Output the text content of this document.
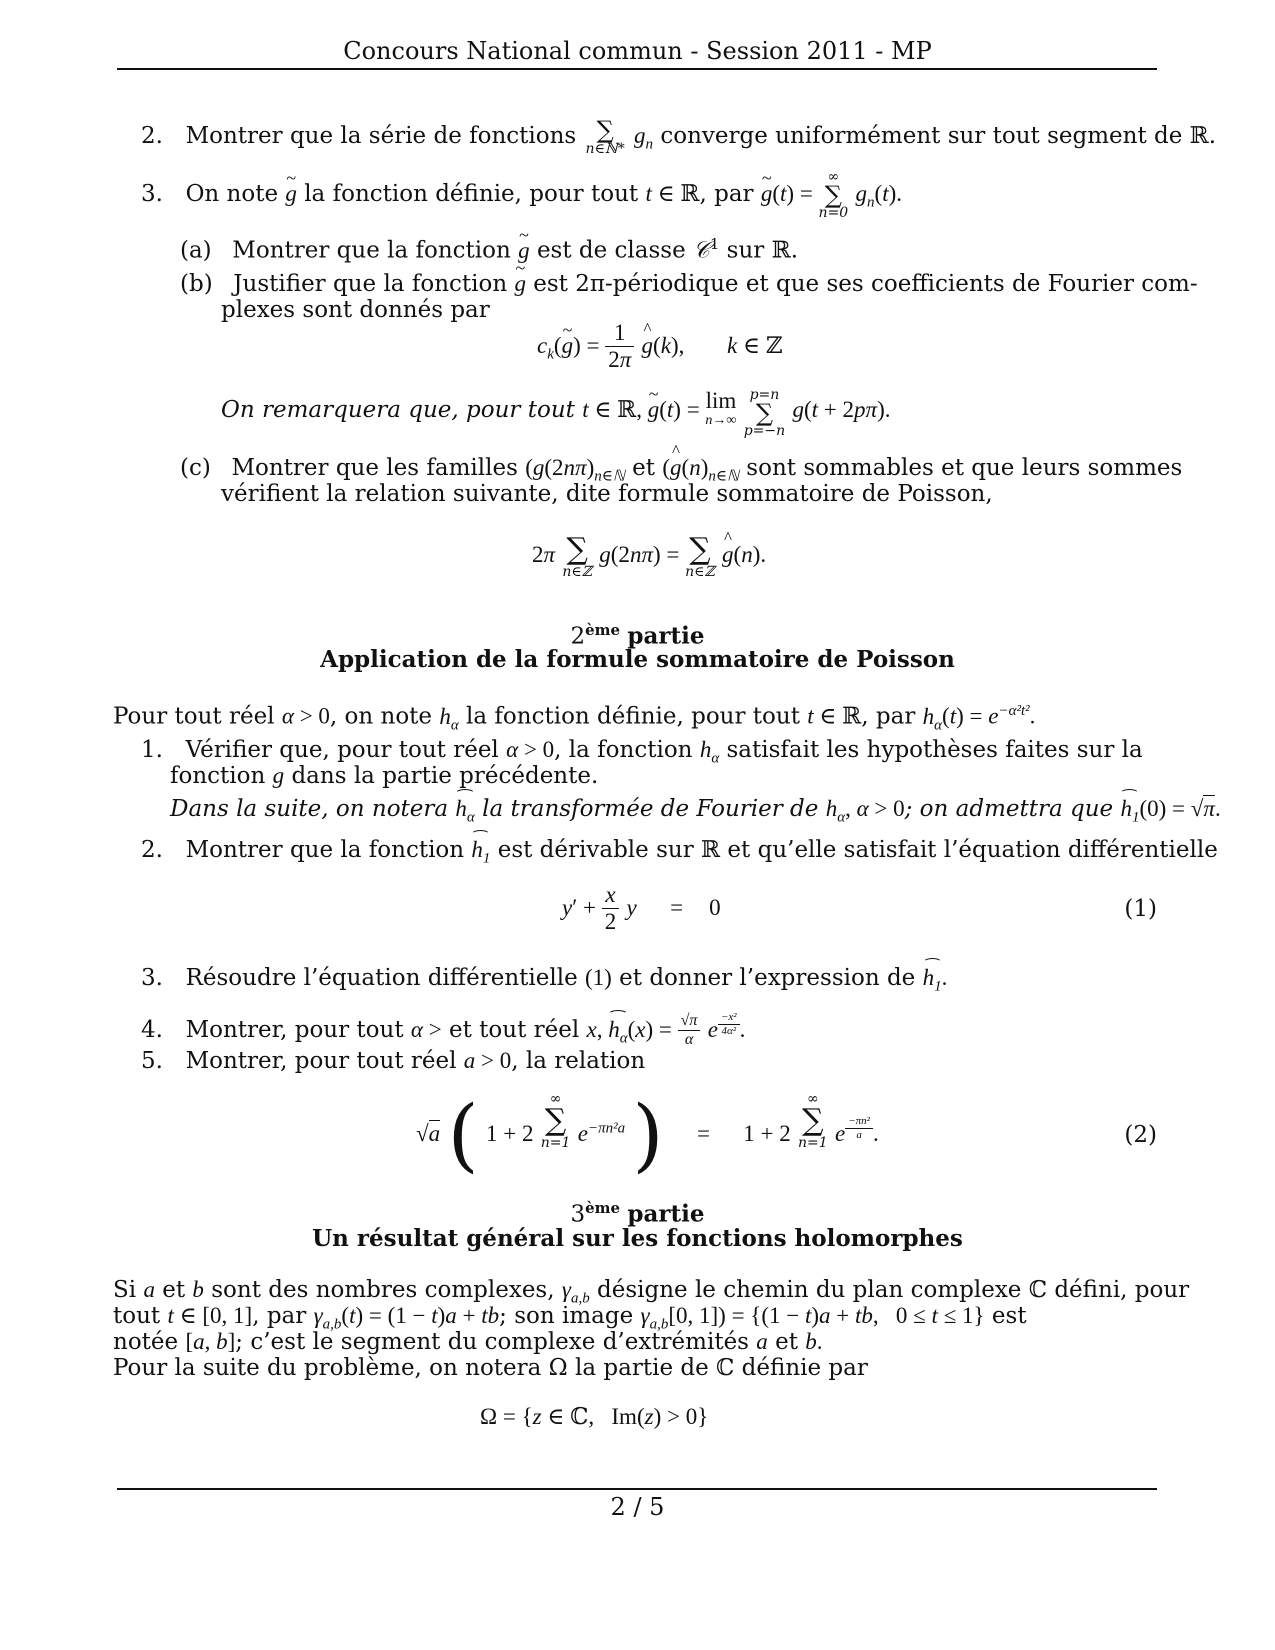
Concours National commun - Session 2011 - MP
2. Montrer que la série de fonctions ∑
n∈ℕ*
$g_n$ converge uniformément sur tout segment de ℝ.
3. On note ~ g la fonction définie, pour tout t ∈ ℝ, par ~ g(t) =
∞
∑
n=0
$g_n(t)$.
(a) Montrer que la fonction ~ g est de classe 𝒞$^1$ sur ℝ.
(b) Justifier que la fonction ~ g est 2π-périodique et que ses coefficients de Fourier com-
plexes sont donnés par
$c_k(\sim$ $g) = \frac{1}{2\pi}$ ^ g(k), k ∈ ℤ
On remarquera que, pour tout t ∈ ℝ, ~ g(t) = lim
n→∞

p=n
∑
p=−n
g(t + 2pπ).
(c) Montrer que les familles ($g(2n\pi)_{n\in ℕ}$ et (^ $g(n)_{n\in ℕ}$ sont sommables et que leurs sommes
vérifient la relation suivante, dite formule sommatoire de Poisson,
2π ∑
n∈ℤ
g(2nπ) = ∑
n∈ℤ
^ g(n).
2ème partie
Application de la formule sommatoire de Poisson
Pour tout réel α > 0, on note $h_\alpha$ la fonction définie, pour tout t ∈ ℝ, par $h_\alpha(t) = e^{-\alpha^2t^2}$.
1. Vérifier que, pour tout réel α > 0, la fonction $h_\alpha$ satisfait les hypothèses faites sur la
fonction g dans la partie précédente.
Dans la suite, on notera $h_\alpha$ la transformée de Fourier de $h_\alpha$, α > 0; on admettra que $h_1(0) = √\pi$.
2. Montrer que la fonction $h_1$ est dérivable sur ℝ et qu’elle satisfait l’équation différentielle
$y' + \frac{x}{2}$ y = 0	(1)
3. Résoudre l’équation différentielle (1) et donner l’expression de $h_1$.
4. Montrer, pour tout α > et tout réel x, $h_\alpha(x) = \frac{√\pi}{\alpha}$ e $^{\frac{\text{−x²}}{\text{4α²}}}$ .
5. Montrer, pour tout réel a > 0, la relation
√a ( 1 + 2
∞
∑
n=1 $e^{-\pi n^2a}$ ) = 1 + 2
∞
∑
n=1 e $^{\frac{\text{−πn²}}{a}}$ .	(2)
3ème partie
Un résultat général sur les fonctions holomorphes
Si a et b sont des nombres complexes, $\gamma_{a,b}$ désigne le chemin du plan complexe ℂ défini, pour
tout t ∈ [0, 1], par $\gamma_{a,b}(t) = (1 - t)a$ + tb; son image $\gamma_{a,b}[0$, 1]) = {(1 − t)a + tb,   0 ≤ t ≤ 1} est
notée [a, b]; c’est le segment du complexe d’extrémités a et b.
Pour la suite du problème, on notera Ω la partie de ℂ définie par
Ω = {z ∈ ℂ,   Im(z) > 0}
2 / 5
